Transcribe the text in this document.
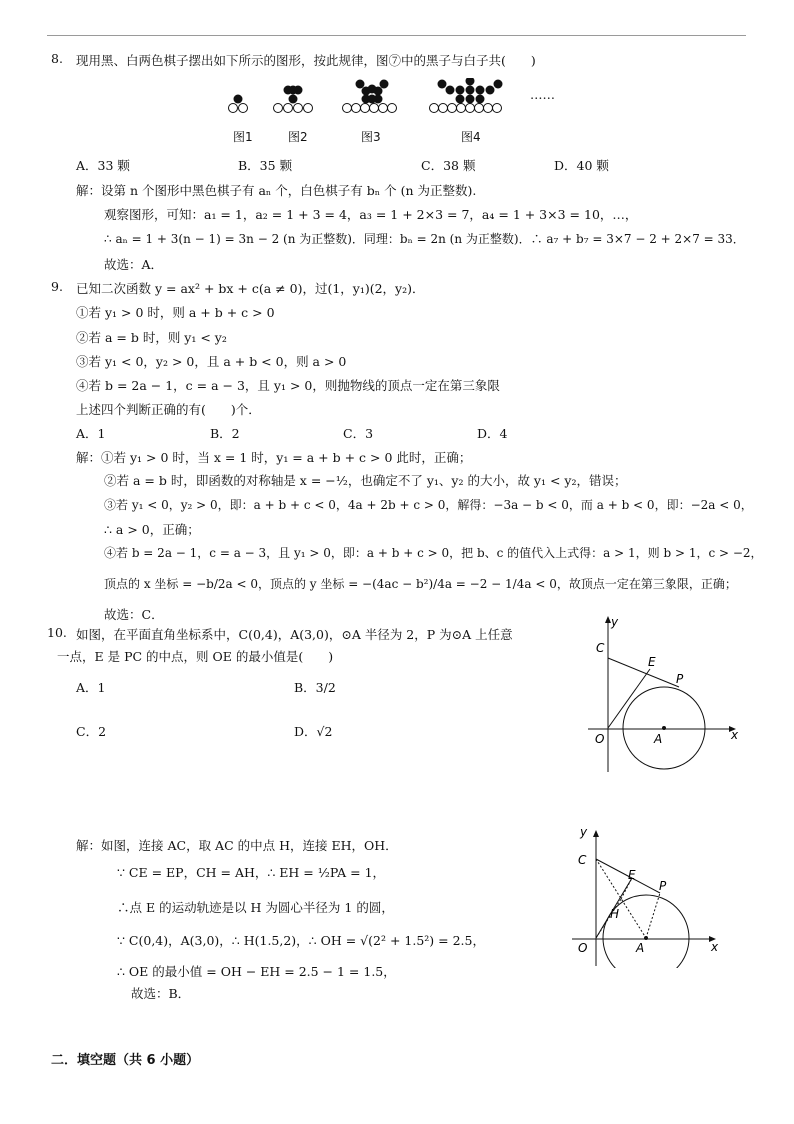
8. 现用黑、白两色棋子摆出如下所示的图形，按此规律，图⑦中的黑子与白子共(　　)
……
图1	图2	图3	图4
A．33 颗	B．35 颗	C．38 颗	D．40 颗
解：设第 n 个图形中黑色棋子有 aₙ 个，白色棋子有 bₙ 个 (n 为正整数).
观察图形，可知：a₁ = 1，a₂ = 1 + 3 = 4，a₃ = 1 + 2×3 = 7，a₄ = 1 + 3×3 = 10，…，
∴ aₙ = 1 + 3(n − 1) = 3n − 2 (n 为正整数)．同理：bₙ = 2n (n 为正整数)．∴ a₇ + b₇ = 3×7 − 2 + 2×7 = 33．
故选：A．
9. 已知二次函数 y = ax² + bx + c(a ≠ 0)，过(1，y₁)(2，y₂)．
①若 y₁ > 0 时，则 a + b + c > 0
②若 a = b 时，则 y₁ < y₂
③若 y₁ < 0，y₂ > 0，且 a + b < 0，则 a > 0
④若 b = 2a − 1，c = a − 3，且 y₁ > 0，则抛物线的顶点一定在第三象限
上述四个判断正确的有(　　)个．
A．1	B．2	C．3	D．4
解：①若 y₁ > 0 时，当 x = 1 时，y₁ = a + b + c > 0 此时，正确；
②若 a = b 时，即函数的对称轴是 x = −½，也确定不了 y₁、y₂ 的大小，故 y₁ < y₂，错误；
③若 y₁ < 0，y₂ > 0，即：a + b + c < 0，4a + 2b + c > 0，解得：−3a − b < 0，而 a + b < 0，即：−2a < 0，
∴ a > 0，正确；
④若 b = 2a − 1，c = a − 3，且 y₁ > 0，即：a + b + c > 0，把 b、c 的值代入上式得：a > 1，则 b > 1，c > −2，
顶点的 x 坐标 = −b/2a < 0，顶点的 y 坐标 = −(4ac − b²)/4a = −2 − 1/4a < 0，故顶点一定在第三象限，正确；
故选：C．
10. 如图，在平面直角坐标系中，C(0,4)，A(3,0)，⊙A 半径为 2，P 为⊙A 上任意
一点，E 是 PC 的中点，则 OE 的最小值是(　　)
A．1	B．3/2
C．2	D．√2
y
x
C
E
P
O	A
解：如图，连接 AC，取 AC 的中点 H，连接 EH，OH．
∵ CE = EP，CH = AH，∴ EH = ½PA = 1，
∴点 E 的运动轨迹是以 H 为圆心半径为 1 的圆，
∵ C(0,4)，A(3,0)，∴ H(1.5,2)，∴ OH = √(2² + 1.5²) = 2.5，
∴ OE 的最小值 = OH − EH = 2.5 − 1 = 1.5，
故选：B．
y
x
C
E
P
H
O	A
二．填空题（共 6 小题）
